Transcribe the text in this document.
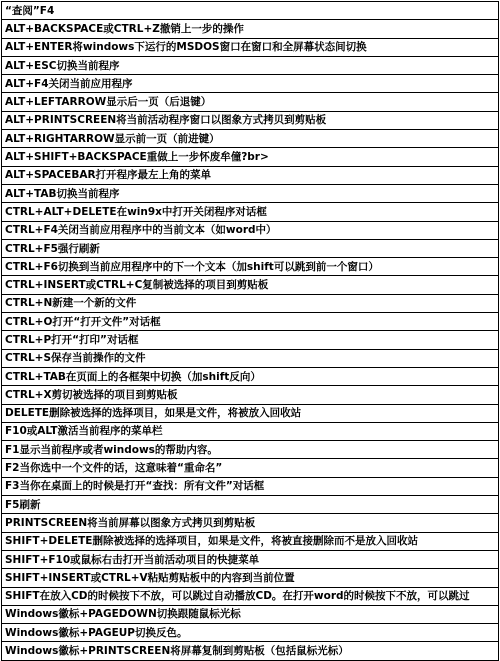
“查阅”F4
ALT+BACKSPACE或CTRL+Z撤销上一步的操作
ALT+ENTER将windows下运行的MSDOS窗口在窗口和全屏幕状态间切换
ALT+ESC切换当前程序
ALT+F4关闭当前应用程序
ALT+LEFTARROW显示后一页（后退键）
ALT+PRINTSCREEN将当前活动程序窗口以图象方式拷贝到剪贴板
ALT+RIGHTARROW显示前一页（前进键）
ALT+SHIFT+BACKSPACE重做上一步怀废牟僮?br>
ALT+SPACEBAR打开程序最左上角的菜单
ALT+TAB切换当前程序
CTRL+ALT+DELETE在win9x中打开关闭程序对话框
CTRL+F4关闭当前应用程序中的当前文本（如word中）
CTRL+F5强行刷新
CTRL+F6切换到当前应用程序中的下一个文本（加shift可以跳到前一个窗口）
CTRL+INSERT或CTRL+C复制被选择的项目到剪贴板
CTRL+N新建一个新的文件
CTRL+O打开“打开文件”对话框
CTRL+P打开“打印”对话框
CTRL+S保存当前操作的文件
CTRL+TAB在页面上的各框架中切换（加shift反向）
CTRL+X剪切被选择的项目到剪贴板
DELETE删除被选择的选择项目，如果是文件，将被放入回收站
F10或ALT激活当前程序的菜单栏
F1显示当前程序或者windows的帮助内容。
F2当你选中一个文件的话，这意味着“重命名”
F3当你在桌面上的时候是打开“查找：所有文件”对话框
F5刷新
PRINTSCREEN将当前屏幕以图象方式拷贝到剪贴板
SHIFT+DELETE删除被选择的选择项目，如果是文件，将被直接删除而不是放入回收站
SHIFT+F10或鼠标右击打开当前活动项目的快捷菜单
SHIFT+INSERT或CTRL+V粘贴剪贴板中的内容到当前位置
SHIFT在放入CD的时候按下不放，可以跳过自动播放CD。在打开word的时候按下不放，可以跳过
Windows徽标+PAGEDOWN切换跟随鼠标光标
Windows徽标+PAGEUP切换反色。
Windows徽标+PRINTSCREEN将屏幕复制到剪贴板（包括鼠标光标）
